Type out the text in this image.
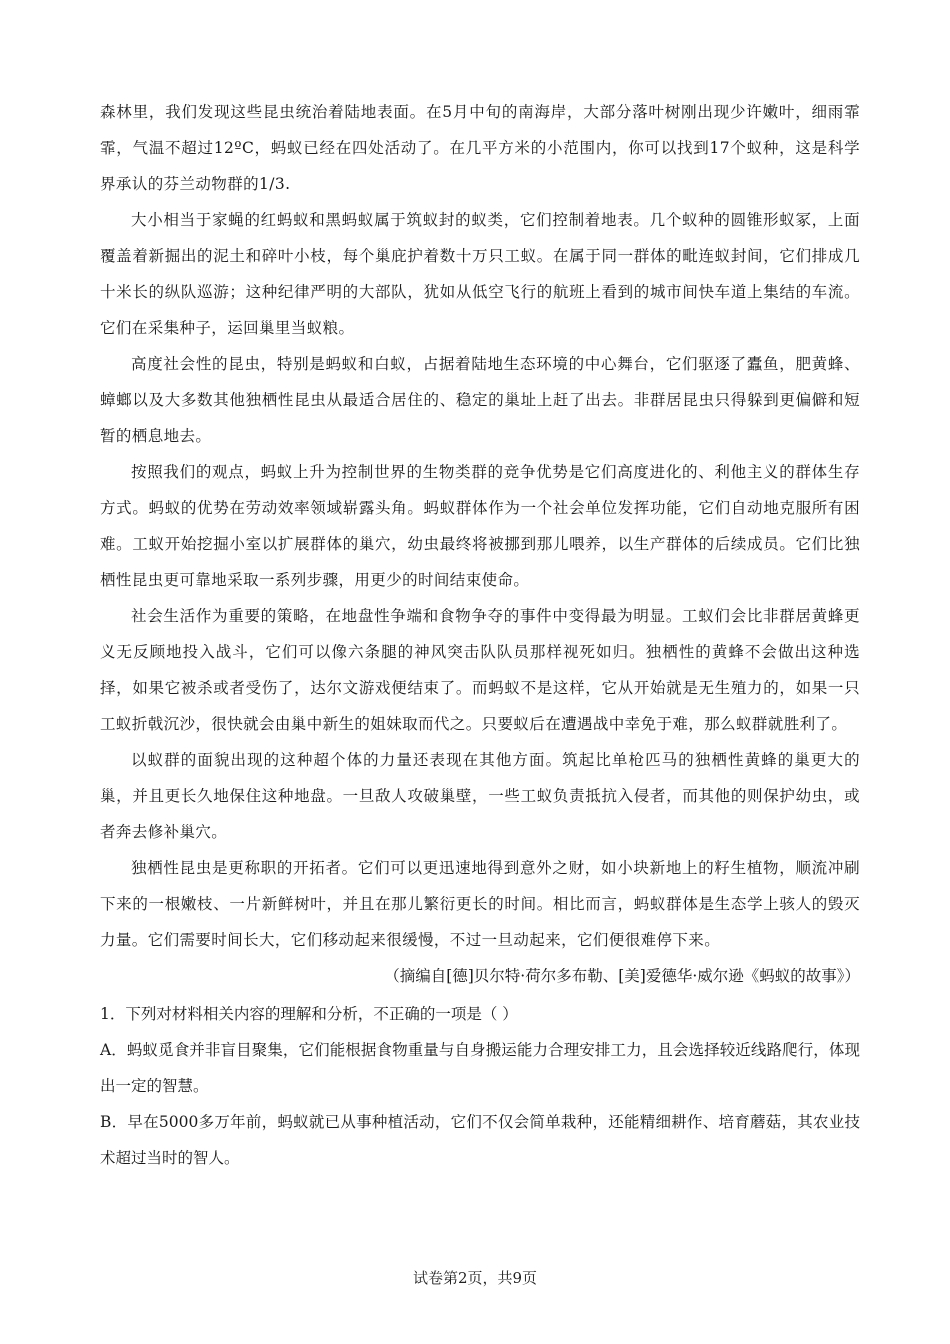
森林里，我们发现这些昆虫统治着陆地表面。在5月中旬的南海岸，大部分落叶树刚出现少许嫩叶，细雨霏霏，气温不超过12ºC，蚂蚁已经在四处活动了。在几平方米的小范围内，你可以找到17个蚁种，这是科学界承认的芬兰动物群的1/3.

大小相当于家蝇的红蚂蚁和黑蚂蚁属于筑蚁封的蚁类，它们控制着地表。几个蚁种的圆锥形蚁冢，上面覆盖着新掘出的泥土和碎叶小枝，每个巢庇护着数十万只工蚁。在属于同一群体的毗连蚁封间，它们排成几十米长的纵队巡游；这种纪律严明的大部队，犹如从低空飞行的航班上看到的城市间快车道上集结的车流。它们在采集种子，运回巢里当蚁粮。

高度社会性的昆虫，特别是蚂蚁和白蚁，占据着陆地生态环境的中心舞台，它们驱逐了蠹鱼，肥黄蜂、蟑螂以及大多数其他独栖性昆虫从最适合居住的、稳定的巢址上赶了出去。非群居昆虫只得躲到更偏僻和短暂的栖息地去。

按照我们的观点，蚂蚁上升为控制世界的生物类群的竞争优势是它们高度进化的、利他主义的群体生存方式。蚂蚁的优势在劳动效率领域崭露头角。蚂蚁群体作为一个社会单位发挥功能，它们自动地克服所有困难。工蚁开始挖掘小室以扩展群体的巢穴，幼虫最终将被挪到那儿喂养，以生产群体的后续成员。它们比独栖性昆虫更可靠地采取一系列步骤，用更少的时间结束使命。

社会生活作为重要的策略，在地盘性争端和食物争夺的事件中变得最为明显。工蚁们会比非群居黄蜂更义无反顾地投入战斗，它们可以像六条腿的神风突击队队员那样视死如归。独栖性的黄蜂不会做出这种选择，如果它被杀或者受伤了，达尔文游戏便结束了。而蚂蚁不是这样，它从开始就是无生殖力的，如果一只工蚁折戟沉沙，很快就会由巢中新生的姐妹取而代之。只要蚁后在遭遇战中幸免于难，那么蚁群就胜利了。

以蚁群的面貌出现的这种超个体的力量还表现在其他方面。筑起比单枪匹马的独栖性黄蜂的巢更大的巢，并且更长久地保住这种地盘。一旦敌人攻破巢壁，一些工蚁负责抵抗入侵者，而其他的则保护幼虫，或者奔去修补巢穴。

独栖性昆虫是更称职的开拓者。它们可以更迅速地得到意外之财，如小块新地上的籽生植物，顺流冲刷下来的一根嫩枝、一片新鲜树叶，并且在那儿繁衍更长的时间。相比而言，蚂蚁群体是生态学上骇人的毁灭力量。它们需要时间长大，它们移动起来很缓慢，不过一旦动起来，它们便很难停下来。

（摘编自[德]贝尔特·荷尔多布勒、[美]爱德华·威尔逊《蚂蚁的故事》）

1．下列对材料相关内容的理解和分析，不正确的一项是（ ）

A．蚂蚁觅食并非盲目聚集，它们能根据食物重量与自身搬运能力合理安排工力，且会选择较近线路爬行，体现出一定的智慧。

B．早在5000多万年前，蚂蚁就已从事种植活动，它们不仅会简单栽种，还能精细耕作、培育蘑菇，其农业技术超过当时的智人。

试卷第2页，共9页
